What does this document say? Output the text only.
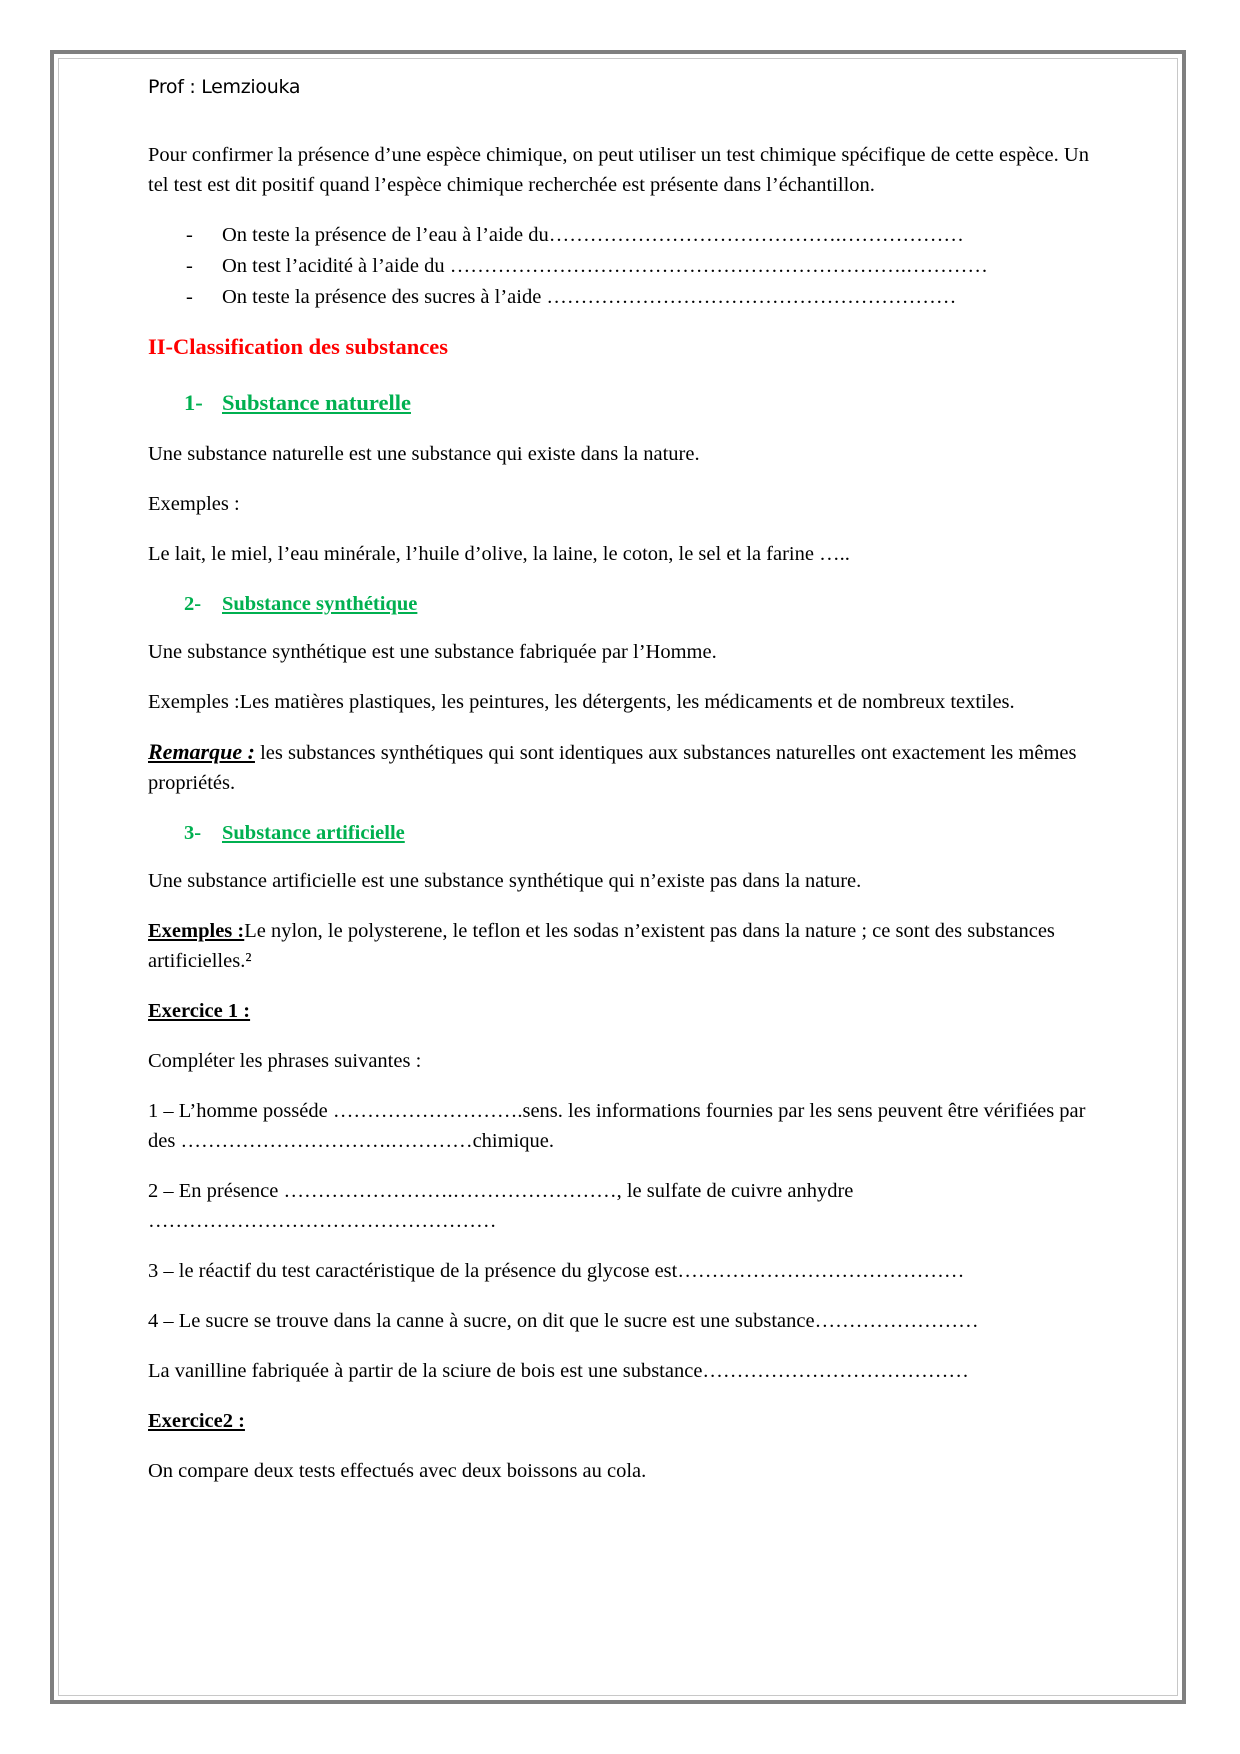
Prof : Lemziouka

Pour confirmer la présence d’une espèce chimique, on peut utiliser un test chimique spécifique de cette espèce. Un tel test est dit positif quand l’espèce chimique recherchée est présente dans l’échantillon.

- On teste la présence de l’eau à l’aide du…………………………………….………………
- On test l’acidité à l’aide du ………………………………………………………….…………
- On teste la présence des sucres à l’aide ……………………………………………………
II-Classification des substances
1- Substance naturelle

Une substance naturelle est une substance qui existe dans la nature.

Exemples :

Le lait, le miel, l’eau minérale, l’huile d’olive, la laine, le coton, le sel et la farine …..

2- Substance synthétique

Une substance synthétique est une substance fabriquée par l’Homme.

Exemples :Les matières plastiques, les peintures, les détergents, les médicaments et de nombreux textiles.

Remarque : les substances synthétiques qui sont identiques aux substances naturelles ont exactement les mêmes propriétés.

3- Substance artificielle

Une substance artificielle est une substance synthétique qui n’existe pas dans la nature.

Exemples :Le nylon, le polysterene, le teflon et les sodas n’existent pas dans la nature ; ce sont des substances artificielles.²

Exercice 1 :

Compléter les phrases suivantes :

1 – L’homme posséde ……………………….sens. les informations fournies par les sens peuvent être vérifiées par des ………………………….…………chimique.

2 – En présence …………………….……………………, le sulfate de cuivre anhydre ……………………………………………

3 – le réactif du test caractéristique de la présence du glycose est……………………………………

4 – Le sucre se trouve dans la canne à sucre, on dit que le sucre est une substance……………………

La vanilline fabriquée à partir de la sciure de bois est une substance…………………………………

Exercice2 :

On compare deux tests effectués avec deux boissons au cola.
